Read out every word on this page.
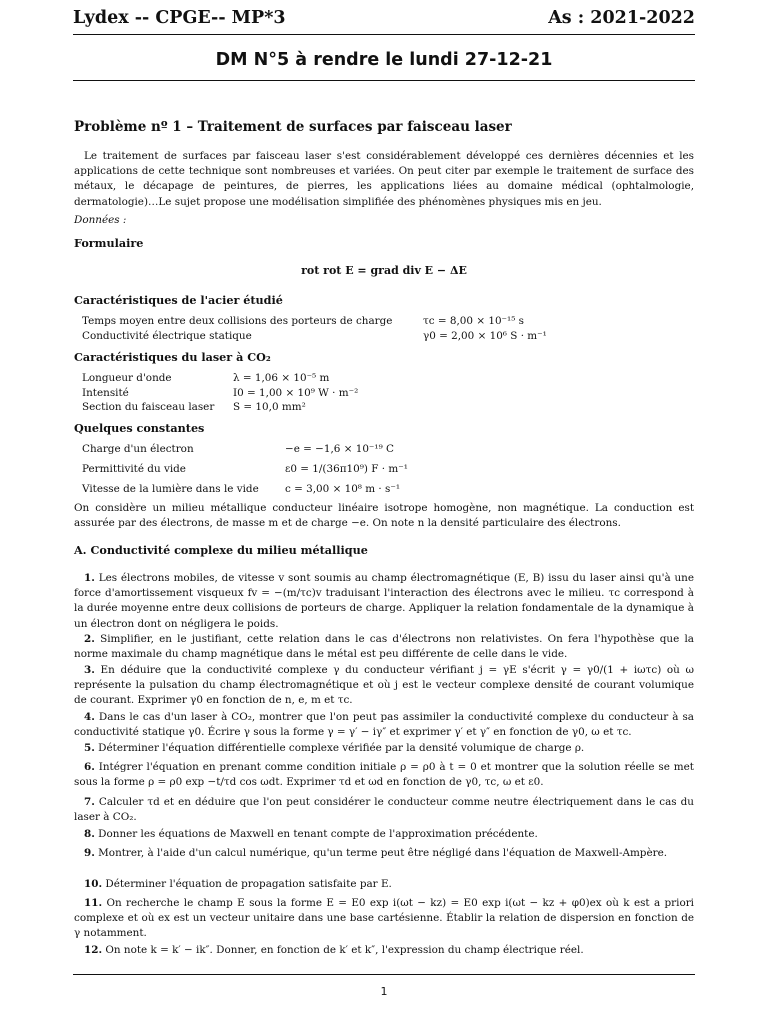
Lydex -- CPGE-- MP*3	As : 2021-2022
DM N°5 à rendre le lundi 27-12-21
Problème nº 1 – Traitement de surfaces par faisceau laser
Le traitement de surfaces par faisceau laser s'est considérablement développé ces dernières décennies et les applications de cette technique sont nombreuses et variées. On peut citer par exemple le traitement de surface des métaux, le décapage de peintures, de pierres, les applications liées au domaine médical (ophtalmologie, dermatologie)…Le sujet propose une modélisation simplifiée des phénomènes physiques mis en jeu.
Données :
Formulaire
rot rot E = grad div E − ΔE
Caractéristiques de l'acier étudié
Temps moyen entre deux collisions des porteurs de charge	τc = 8,00 × 10⁻¹⁵ s
Conductivité électrique statique	γ0 = 2,00 × 10⁶ S · m⁻¹
Caractéristiques du laser à CO₂
Longueur d'onde	λ = 1,06 × 10⁻⁵ m
Intensité	I0 = 1,00 × 10⁹ W · m⁻²
Section du faisceau laser S = 10,0 mm²
Quelques constantes
Charge d'un électron	−e = −1,6 × 10⁻¹⁹ C
Permittivité du vide	ε0 = 1/(36π10⁹) F · m⁻¹
Vitesse de la lumière dans le vide	c = 3,00 × 10⁸ m · s⁻¹
On considère un milieu métallique conducteur linéaire isotrope homogène, non magnétique. La conduction est assurée par des électrons, de masse m et de charge −e. On note n la densité particulaire des électrons.
A. Conductivité complexe du milieu métallique
1. Les électrons mobiles, de vitesse v sont soumis au champ électromagnétique (E, B) issu du laser ainsi qu'à une force d'amortissement visqueux fv = −(m/τc)v traduisant l'interaction des électrons avec le milieu. τc correspond à la durée moyenne entre deux collisions de porteurs de charge. Appliquer la relation fondamentale de la dynamique à un électron dont on négligera le poids.
2. Simplifier, en le justifiant, cette relation dans le cas d'électrons non relativistes. On fera l'hypothèse que la norme maximale du champ magnétique dans le métal est peu différente de celle dans le vide.
3. En déduire que la conductivité complexe γ du conducteur vérifiant j = γE s'écrit γ = γ0/(1 + iωτc) où ω représente la pulsation du champ électromagnétique et où j est le vecteur complexe densité de courant volumique de courant. Exprimer γ0 en fonction de n, e, m et τc.
4. Dans le cas d'un laser à CO₂, montrer que l'on peut pas assimiler la conductivité complexe du conducteur à sa conductivité statique γ0. Écrire γ sous la forme γ = γ′ − iγ″ et exprimer γ′ et γ″ en fonction de γ0, ω et τc.
5. Déterminer l'équation différentielle complexe vérifiée par la densité volumique de charge ρ.
6. Intégrer l'équation en prenant comme condition initiale ρ = ρ0 à t = 0 et montrer que la solution réelle se met sous la forme ρ = ρ0 exp −t/τd cos ωdt. Exprimer τd et ωd en fonction de γ0, τc, ω et ε0.
7. Calculer τd et en déduire que l'on peut considérer le conducteur comme neutre électriquement dans le cas du laser à CO₂.
8. Donner les équations de Maxwell en tenant compte de l'approximation précédente.
9. Montrer, à l'aide d'un calcul numérique, qu'un terme peut être négligé dans l'équation de Maxwell-Ampère.
10. Déterminer l'équation de propagation satisfaite par E.
11. On recherche le champ E sous la forme E = E0 exp i(ωt − kz) = E0 exp i(ωt − kz + φ0)ex où k est a priori complexe et où ex est un vecteur unitaire dans une base cartésienne. Établir la relation de dispersion en fonction de γ notamment.
12. On note k = k′ − ik″. Donner, en fonction de k′ et k″, l'expression du champ électrique réel.
1
